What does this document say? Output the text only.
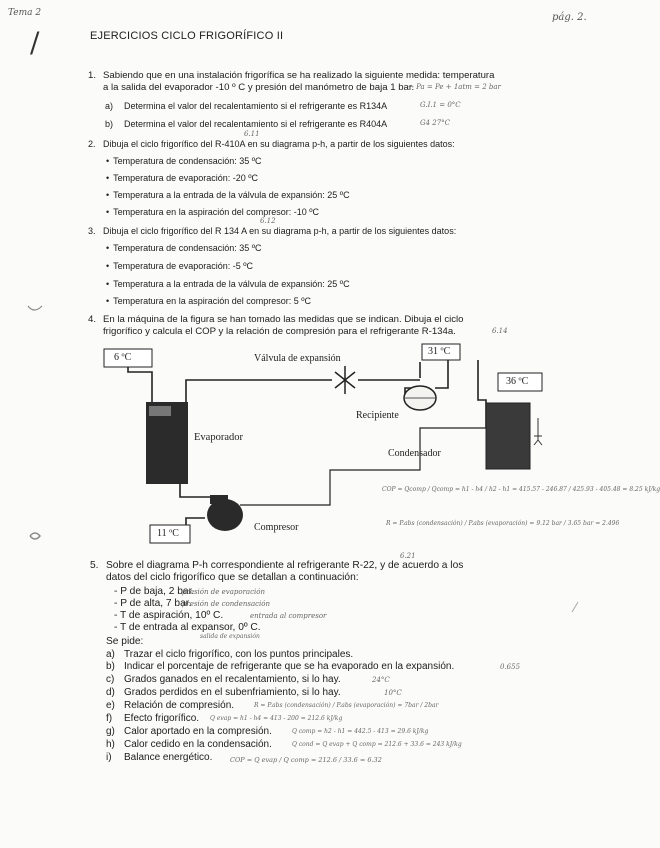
Tema 2	pág. 2.
/	EJERCICIOS CICLO FRIGORÍFICO II
1. Sabiendo que en una instalación frigorífica se ha realizado la siguiente medida: temperatura
a la salida del evaporador -10 º C y presión del manómetro de baja 1 bar.
→ Pa = Pe + 1atm = 2 bar
a) Determina el valor del recalentamiento si el refrigerante es R134A	G.I.1 = 0°C
b) Determina el valor del recalentamiento si el refrigerante es R404A	G4 27°C
6.11
2. Dibuja el ciclo frigorífico del R-410A en su diagrama p-h, a partir de los siguientes datos:
• Temperatura de condensación: 35 ºC
• Temperatura de evaporación: -20 ºC
• Temperatura a la entrada de la válvula de expansión: 25 ºC
• Temperatura en la aspiración del compresor: -10 ºC
6.12
3. Dibuja el ciclo frigorífico del R 134 A en su diagrama p-h, a partir de los siguientes datos:
• Temperatura de condensación: 35 ºC
• Temperatura de evaporación: -5 ºC
• Temperatura a la entrada de la válvula de expansión: 25 ºC
• Temperatura en la aspiración del compresor: 5 ºC
4. En la máquina de la figura se han tomado las medidas que se indican. Dibuja el ciclo
frigorífico y calcula el COP y la relación de compresión para el refrigerante R-134a.	6.14
6 ºC
31 ºC
36 ºC
11 ºC
Válvula de expansión
Recipiente
Evaporador
Condensador
Compresor
COP = Qcomp / Qcomp = h1 - h4 / h2 - h1 = 415.57 - 246.87 / 425.93 - 405.48 = 8.25 kJ/kg
R = P.abs (condensación) / P.abs (evaporación) = 9.12 bar / 3.65 bar = 2.496
6.21
5. Sobre el diagrama P-h correspondiente al refrigerante R-22, y de acuerdo a los
datos del ciclo frigorífico que se detallan a continuación:
- P de baja, 2 bar.
presión de evaporación
- P de alta, 7 bar.
presión de condensación
- T de aspiración, 10º C.	entrada al compresor
- T de entrada al expansor, 0º C.
salida de expansión
Se pide:
a) Trazar el ciclo frigorífico, con los puntos principales.
b) Indicar el porcentaje de refrigerante que se ha evaporado en la expansión.	0.655
c) Grados ganados en el recalentamiento, si lo hay.	24°C
d) Grados perdidos en el subenfriamiento, si lo hay.	10°C
e) Relación de compresión.	R = P.abs (condensación) / P.abs (evaporación) = 7bar / 2bar
f) Efecto frigorífico. Q evap = h1 - h4 = 413 - 200 = 212.6 kJ/kg
g) Calor aportado en la compresión.	Q comp = h2 - h1 = 442.5 - 413 = 29.6 kJ/kg
h) Calor cedido en la condensación.	Q cond = Q evap + Q comp = 212.6 + 33.6 = 243 kJ/kg
i) Balance energético.	COP = Q evap / Q comp = 212.6 / 33.6 = 6.32
